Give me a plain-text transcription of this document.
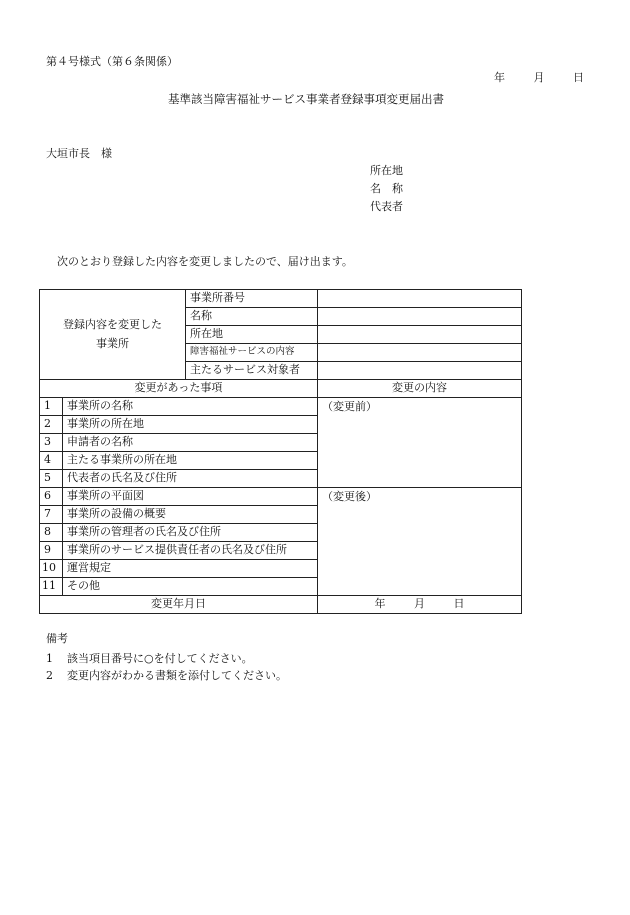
第４号様式（第６条関係）
年	月	日
基準該当障害福祉サービス事業者登録事項変更届出書
大垣市長　様
所在地
名 称
代表者
次のとおり登録した内容を変更しましたので、届け出ます。
登録内容を変更した
事業所		事業所番号	
		名称	
		所在地	
		障害福祉サービスの内容	
		主たるサービス対象者	
変更があった事項			変更の内容
1	事業所の名称		（変更前）
2	事業所の所在地		
3	申請者の名称		
4	主たる事業所の所在地		
5	代表者の氏名及び住所		
6	事業所の平面図		（変更後）
7	事業所の設備の概要		
8	事業所の管理者の氏名及び住所		
9	事業所のサービス提供責任者の氏名及び住所		
10	運営規定		
11	その他		
変更年月日			年 月 日
備考
1 該当項目番号に○を付してください。
2 変更内容がわかる書類を添付してください。
